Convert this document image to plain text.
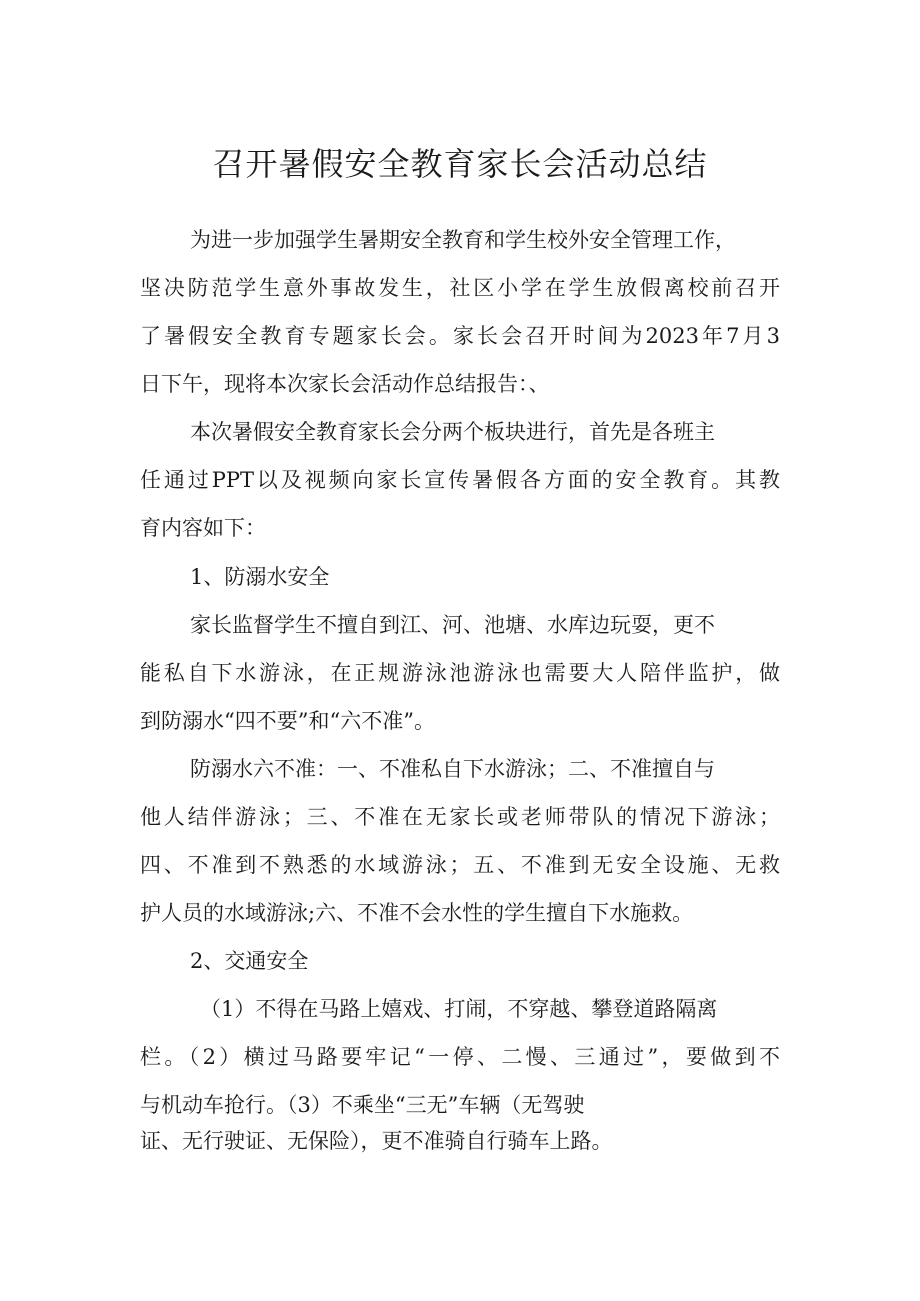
召开暑假安全教育家长会活动总结

为进一步加强学生暑期安全教育和学生校外安全管理工作，

坚决防范学生意外事故发生，社区小学在学生放假离校前召开

了暑假安全教育专题家长会。家长会召开时间为2023年7月3

日下午，现将本次家长会活动作总结报告：、

本次暑假安全教育家长会分两个板块进行，首先是各班主

任通过PPT以及视频向家长宣传暑假各方面的安全教育。其教

育内容如下：

1、防溺水安全

家长监督学生不擅自到江、河、池塘、水库边玩耍，更不

能私自下水游泳，在正规游泳池游泳也需要大人陪伴监护，做

到防溺水“四不要”和“六不准”。

防溺水六不准：一、不准私自下水游泳；二、不准擅自与

他人结伴游泳；三、不准在无家长或老师带队的情况下游泳；

四、不准到不熟悉的水域游泳；五、不准到无安全设施、无救

护人员的水域游泳;六、不准不会水性的学生擅自下水施救。

2、交通安全

（1）不得在马路上嬉戏、打闹，不穿越、攀登道路隔离

栏。（2）横过马路要牢记“一停、二慢、三通过”，要做到不

与机动车抢行。（3）不乘坐“三无”车辆（无驾驶

证、无行驶证、无保险），更不准骑自行骑车上路。
